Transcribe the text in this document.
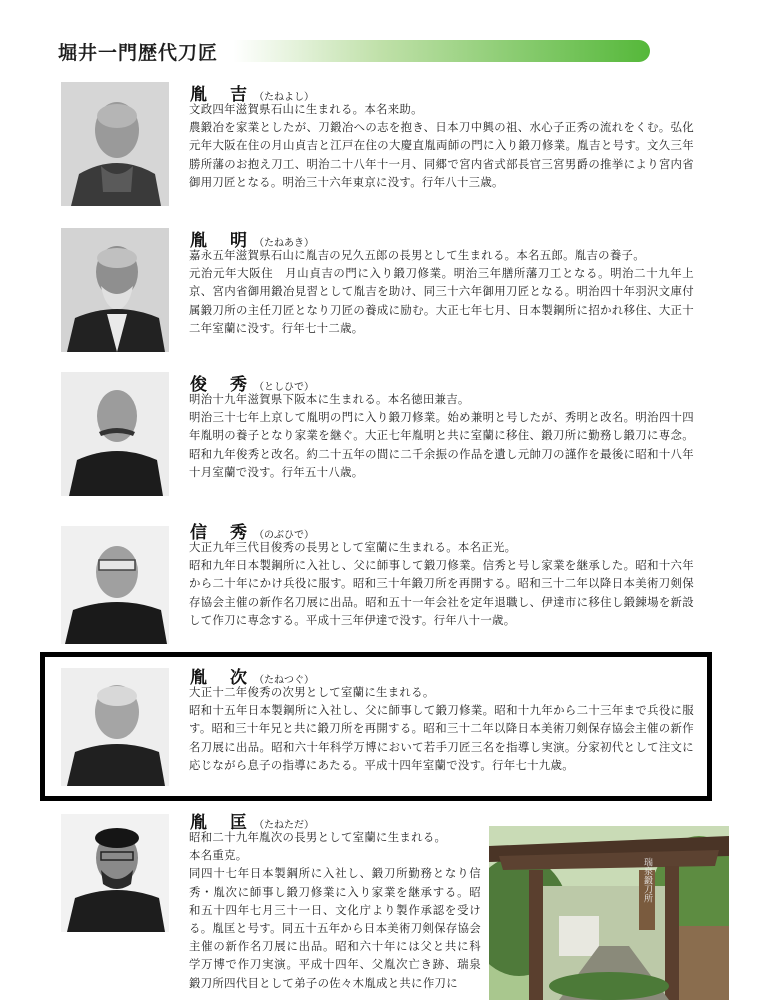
堀井一門歴代刀匠
胤　吉 （たねよし）

文政四年滋賀県石山に生まれる。本名来助。

農鍛冶を家業としたが、刀鍛冶への志を抱き、日本刀中興の祖、水心子正秀の流れをくむ。弘化元年大阪在住の月山貞吉と江戸在住の大慶直胤両師の門に入り鍛刀修業。胤吉と号す。文久三年勝所藩のお抱え刀工、明治二十八年十一月、同郷で宮内省式部長官三宮男爵の推挙により宮内省御用刀匠となる。明治三十六年東京に没す。行年八十三歳。

胤　明 （たねあき）

嘉永五年滋賀県石山に胤吉の兄久五郎の長男として生まれる。本名五郎。胤吉の養子。

元治元年大阪住　月山貞吉の門に入り鍛刀修業。明治三年膳所藩刀工となる。明治二十九年上京、宮内省御用鍛冶見習として胤吉を助け、同三十六年御用刀匠となる。明治四十年羽沢文庫付属鍛刀所の主任刀匠となり刀匠の養成に励む。大正七年七月、日本製鋼所に招かれ移住、大正十二年室蘭に没す。行年七十二歳。

俊　秀 （としひで）

明治十九年滋賀県下阪本に生まれる。本名徳田兼吉。

明治三十七年上京して胤明の門に入り鍛刀修業。始め兼明と号したが、秀明と改名。明治四十四年胤明の養子となり家業を継ぐ。大正七年胤明と共に室蘭に移住、鍛刀所に勤務し鍛刀に専念。昭和九年俊秀と改名。約二十五年の間に二千余振の作品を遺し元帥刀の謹作を最後に昭和十八年十月室蘭で没す。行年五十八歳。

信　秀 （のぶひで）

大正九年三代目俊秀の長男として室蘭に生まれる。本名正光。

昭和九年日本製鋼所に入社し、父に師事して鍛刀修業。信秀と号し家業を継承した。昭和十六年から二十年にかけ兵役に服す。昭和三十年鍛刀所を再開する。昭和三十二年以降日本美術刀剣保存協会主催の新作名刀展に出品。昭和五十一年会社を定年退職し、伊達市に移住し鍛錬場を新設して作刀に専念する。平成十三年伊達で没す。行年八十一歳。

胤　次 （たねつぐ）

大正十二年俊秀の次男として室蘭に生まれる。

昭和十五年日本製鋼所に入社し、父に師事して鍛刀修業。昭和十九年から二十三年まで兵役に服す。昭和三十年兄と共に鍛刀所を再開する。昭和三十二年以降日本美術刀剣保存協会主催の新作名刀展に出品。昭和六十年科学万博において若手刀匠三名を指導し実演。分家初代として注文に応じながら息子の指導にあたる。平成十四年室蘭で没す。行年七十九歳。

胤　匡 （たねただ）

昭和二十九年胤次の長男として室蘭に生まれる。

本名重克。

同四十七年日本製鋼所に入社し、鍛刀所勤務となり信秀・胤次に師事し鍛刀修業に入り家業を継承する。昭和五十四年七月三十一日、文化庁より製作承認を受ける。胤匡と号す。同五十五年から日本美術刀剣保存協会主催の新作名刀展に出品。昭和六十年には父と共に科学万博で作刀実演。平成十四年、父胤次亡き跡、瑞泉鍛刀所四代目として弟子の佐々木胤成と共に作刀に

瑞泉鍛刀所
